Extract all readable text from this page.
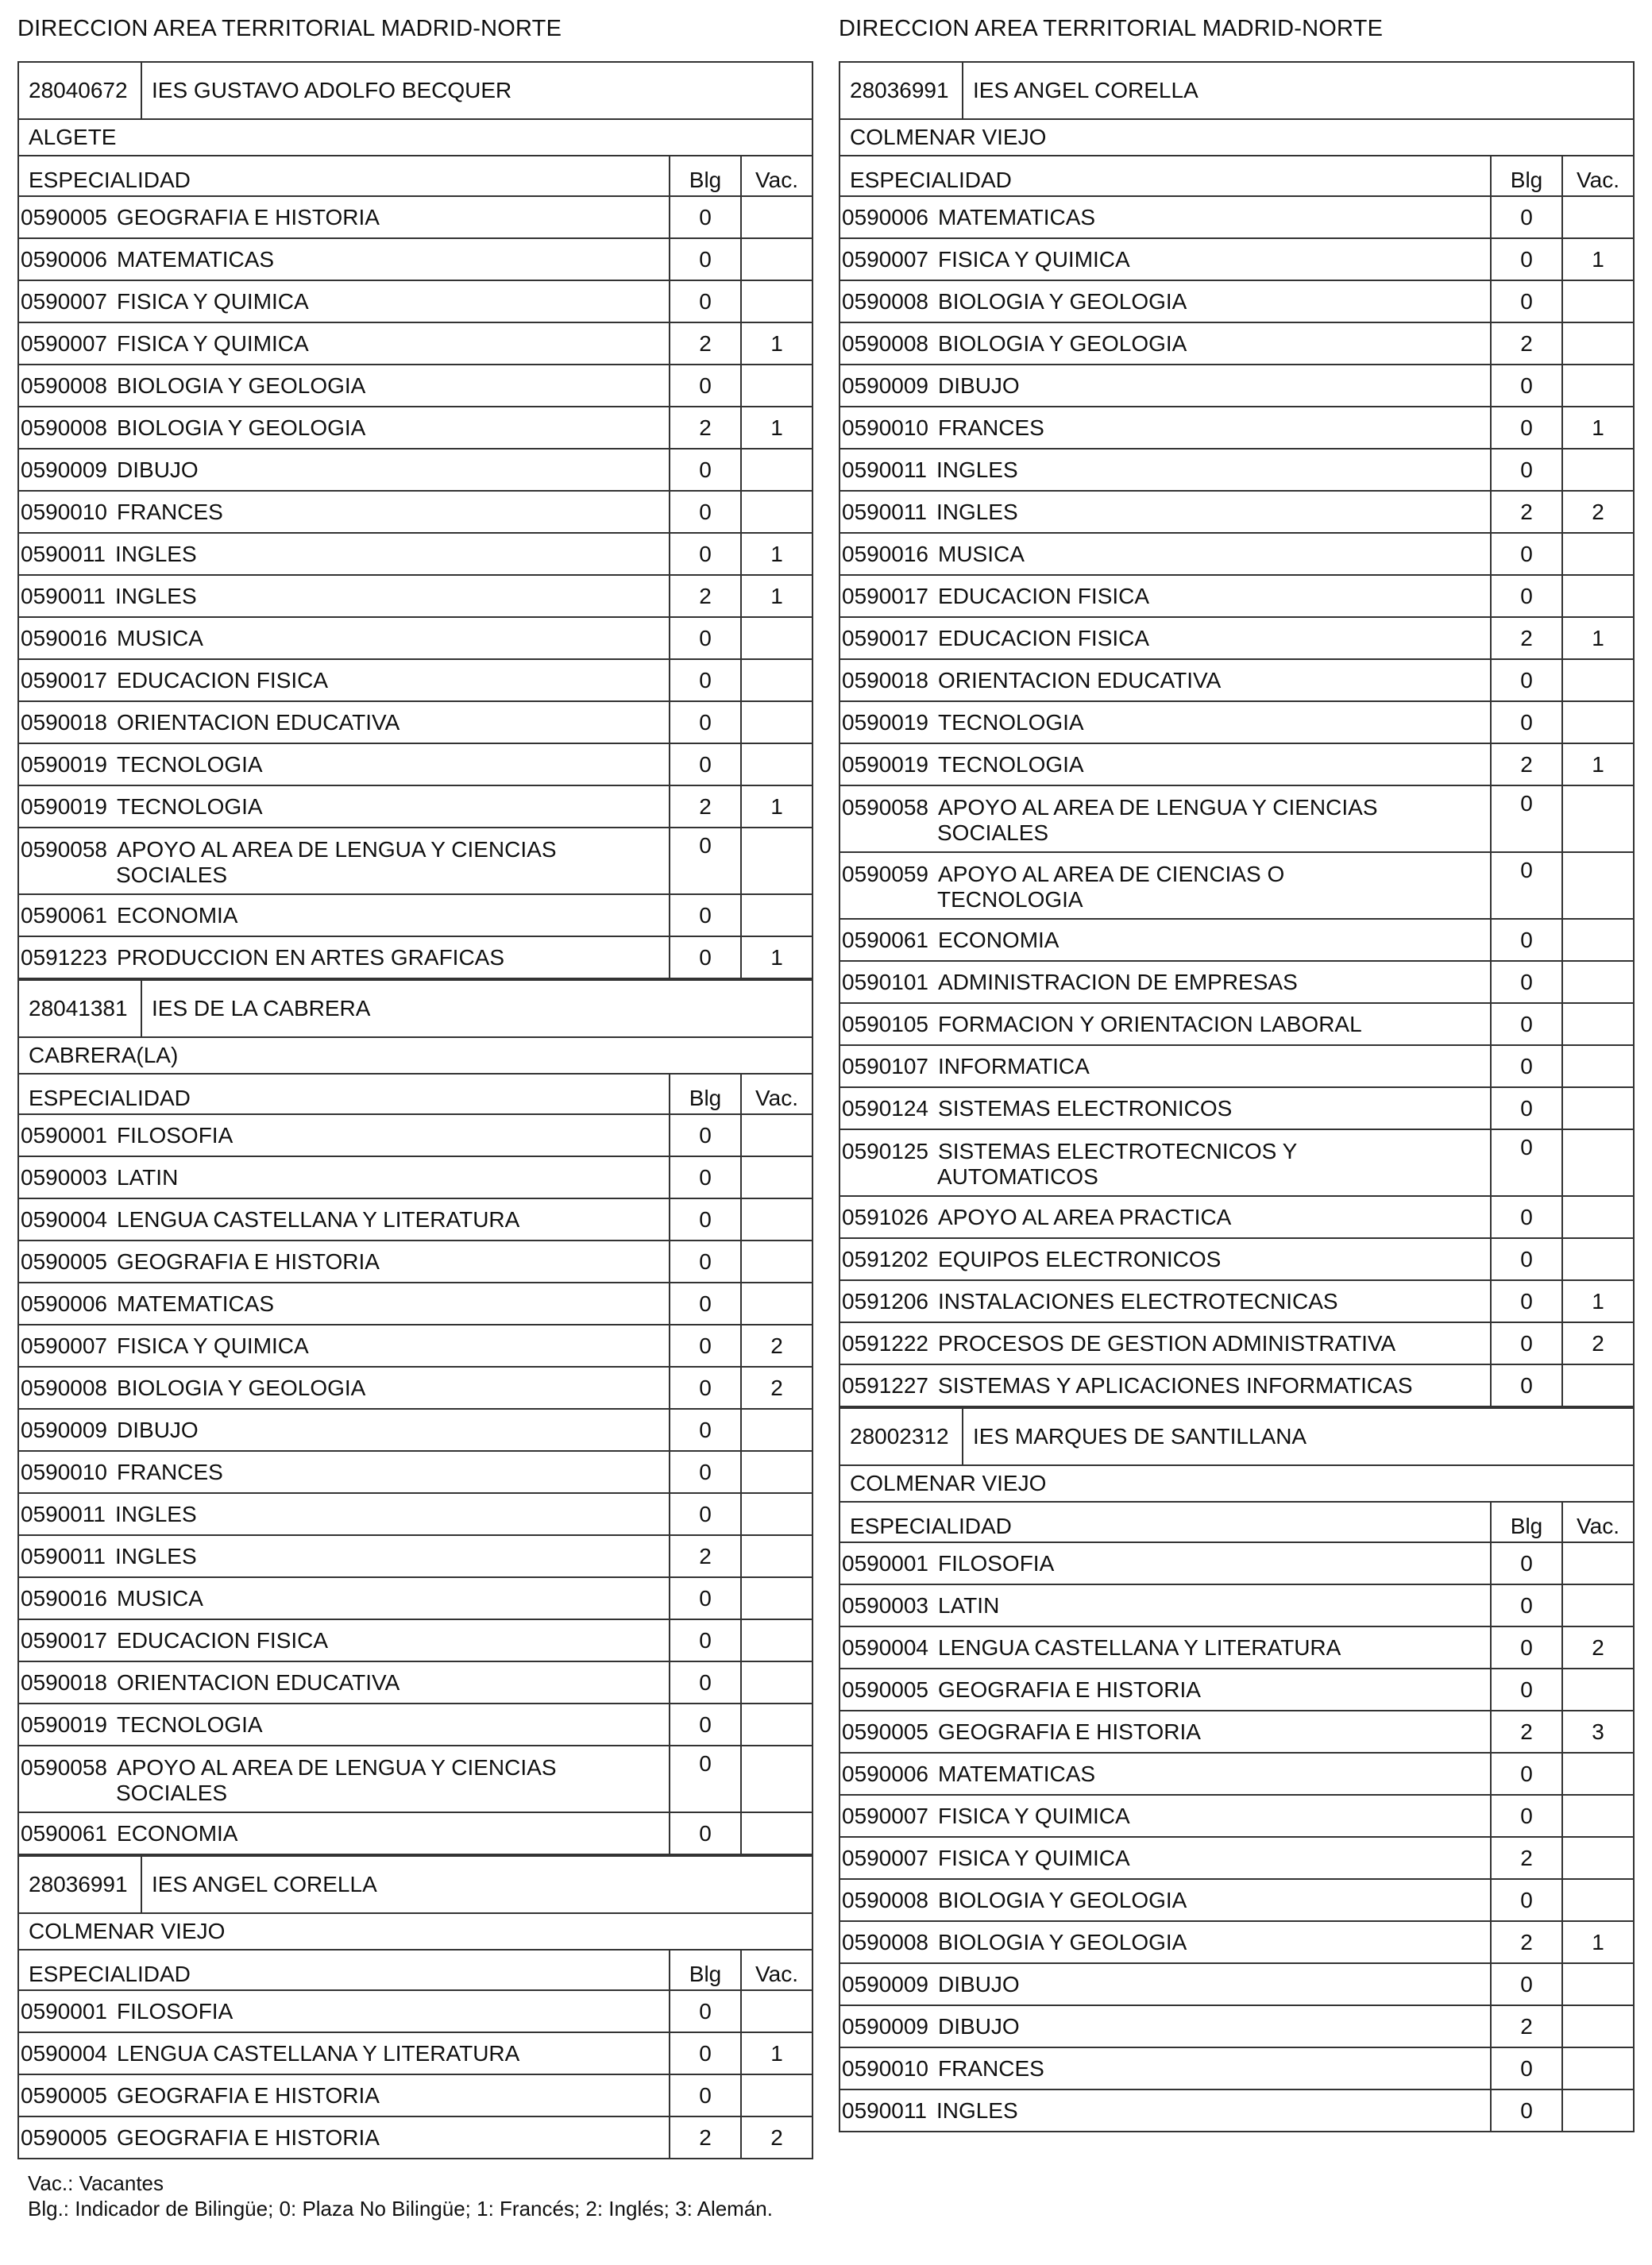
DIRECCION AREA TERRITORIAL MADRID-NORTE
28040672 IES GUSTAVO ADOLFO BECQUER		

ALGETE		
ESPECIALIDAD	Blg	Vac.
0590005 GEOGRAFIA E HISTORIA	0	
0590006 MATEMATICAS	0	
0590007 FISICA Y QUIMICA	0	
0590007 FISICA Y QUIMICA	2	1
0590008 BIOLOGIA Y GEOLOGIA	0	
0590008 BIOLOGIA Y GEOLOGIA	2	1
0590009 DIBUJO	0	
0590010 FRANCES	0	
0590011 INGLES	0	1
0590011 INGLES	2	1
0590016 MUSICA	0	
0590017 EDUCACION FISICA	0	
0590018 ORIENTACION EDUCATIVA	0	
0590019 TECNOLOGIA	0	
0590019 TECNOLOGIA	2	1

0590058 APOYO AL AREA DE LENGUA Y CIENCIAS
SOCIALES	0	
0590061 ECONOMIA	0	
0591223 PRODUCCION EN ARTES GRAFICAS	0	1
28041381 IES DE LA CABRERA		

CABRERA(LA)		
ESPECIALIDAD	Blg	Vac.
0590001 FILOSOFIA	0	
0590003 LATIN	0	
0590004 LENGUA CASTELLANA Y LITERATURA	0	
0590005 GEOGRAFIA E HISTORIA	0	
0590006 MATEMATICAS	0	
0590007 FISICA Y QUIMICA	0	2
0590008 BIOLOGIA Y GEOLOGIA	0	2
0590009 DIBUJO	0	
0590010 FRANCES	0	
0590011 INGLES	0	
0590011 INGLES	2	
0590016 MUSICA	0	
0590017 EDUCACION FISICA	0	
0590018 ORIENTACION EDUCATIVA	0	
0590019 TECNOLOGIA	0	

0590058 APOYO AL AREA DE LENGUA Y CIENCIAS
SOCIALES	0	
0590061 ECONOMIA	0	
28036991 IES ANGEL CORELLA		

COLMENAR VIEJO		
ESPECIALIDAD	Blg	Vac.
0590001 FILOSOFIA	0	
0590004 LENGUA CASTELLANA Y LITERATURA	0	1
0590005 GEOGRAFIA E HISTORIA	0	
0590005 GEOGRAFIA E HISTORIA	2	2
DIRECCION AREA TERRITORIAL MADRID-NORTE
28036991 IES ANGEL CORELLA		

COLMENAR VIEJO		
ESPECIALIDAD	Blg	Vac.
0590006 MATEMATICAS	0	
0590007 FISICA Y QUIMICA	0	1
0590008 BIOLOGIA Y GEOLOGIA	0	
0590008 BIOLOGIA Y GEOLOGIA	2	
0590009 DIBUJO	0	
0590010 FRANCES	0	1
0590011 INGLES	0	
0590011 INGLES	2	2
0590016 MUSICA	0	
0590017 EDUCACION FISICA	0	
0590017 EDUCACION FISICA	2	1
0590018 ORIENTACION EDUCATIVA	0	
0590019 TECNOLOGIA	0	
0590019 TECNOLOGIA	2	1

0590058 APOYO AL AREA DE LENGUA Y CIENCIAS
SOCIALES	0	

0590059 APOYO AL AREA DE CIENCIAS O
TECNOLOGIA	0	
0590061 ECONOMIA	0	
0590101 ADMINISTRACION DE EMPRESAS	0	
0590105 FORMACION Y ORIENTACION LABORAL	0	
0590107 INFORMATICA	0	
0590124 SISTEMAS ELECTRONICOS	0	

0590125 SISTEMAS ELECTROTECNICOS Y
AUTOMATICOS	0	
0591026 APOYO AL AREA PRACTICA	0	
0591202 EQUIPOS ELECTRONICOS	0	
0591206 INSTALACIONES ELECTROTECNICAS	0	1
0591222 PROCESOS DE GESTION ADMINISTRATIVA	0	2
0591227 SISTEMAS Y APLICACIONES INFORMATICAS	0	
28002312 IES MARQUES DE SANTILLANA		

COLMENAR VIEJO		
ESPECIALIDAD	Blg	Vac.
0590001 FILOSOFIA	0	
0590003 LATIN	0	
0590004 LENGUA CASTELLANA Y LITERATURA	0	2
0590005 GEOGRAFIA E HISTORIA	0	
0590005 GEOGRAFIA E HISTORIA	2	3
0590006 MATEMATICAS	0	
0590007 FISICA Y QUIMICA	0	
0590007 FISICA Y QUIMICA	2	
0590008 BIOLOGIA Y GEOLOGIA	0	
0590008 BIOLOGIA Y GEOLOGIA	2	1
0590009 DIBUJO	0	
0590009 DIBUJO	2	
0590010 FRANCES	0	
0590011 INGLES	0	
Vac.: Vacantes
Blg.: Indicador de Bilingüe; 0: Plaza No Bilingüe; 1: Francés; 2: Inglés; 3: Alemán.
